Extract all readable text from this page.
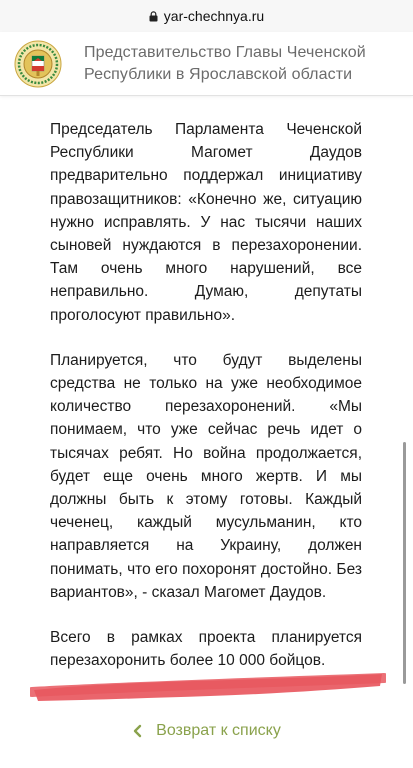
yar-chechnya.ru
Представительство Главы Чеченской Республики в Ярославской области

Председатель Парламента Чеченской Республики Магомет Даудов предварительно поддержал инициативу правозащитников: «Конечно же, ситуацию нужно исправлять. У нас тысячи наших сыновей нуждаются в перезахоронении. Там очень много нарушений, все неправильно. Думаю, депутаты проголосуют правильно».

Планируется, что будут выделены средства не только на уже необходимое количество перезахоронений. «Мы понимаем, что уже сейчас речь идет о тысячах ребят. Но война продолжается, будет еще очень много жертв. И мы должны быть к этому готовы. Каждый чеченец, каждый мусульманин, кто направляется на Украину, должен понимать, что его похоронят достойно. Без вариантов», - сказал Магомет Даудов.

Всего в рамках проекта планируется перезахоронить более 10 000 бойцов.

Возврат к списку
